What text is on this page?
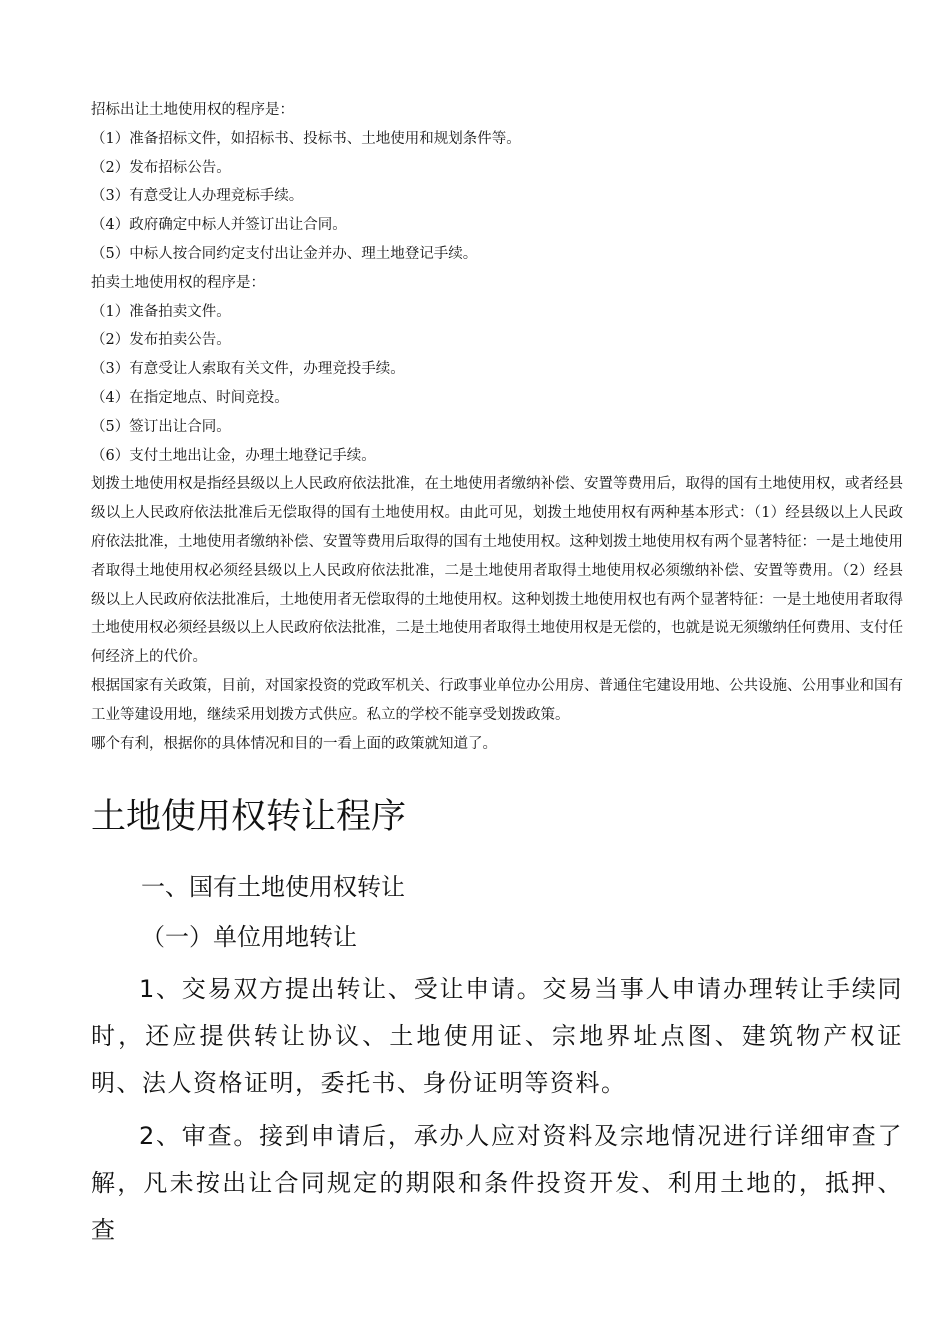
招标出让土地使用权的程序是：

（1）准备招标文件，如招标书、投标书、土地使用和规划条件等。

（2）发布招标公告。

（3）有意受让人办理竞标手续。

（4）政府确定中标人并签订出让合同。

（5）中标人按合同约定支付出让金并办、理土地登记手续。

拍卖土地使用权的程序是：

（1）准备拍卖文件。

（2）发布拍卖公告。

（3）有意受让人索取有关文件，办理竞投手续。

（4）在指定地点、时间竞投。

（5）签订出让合同。

（6）支付土地出让金，办理土地登记手续。

划拨土地使用权是指经县级以上人民政府依法批准，在土地使用者缴纳补偿、安置等费用后，取得的国有土地使用权，或者经县级以上人民政府依法批准后无偿取得的国有土地使用权。由此可见，划拨土地使用权有两种基本形式：（1）经县级以上人民政府依法批准，土地使用者缴纳补偿、安置等费用后取得的国有土地使用权。这种划拨土地使用权有两个显著特征：一是土地使用者取得土地使用权必须经县级以上人民政府依法批准，二是土地使用者取得土地使用权必须缴纳补偿、安置等费用。（2）经县级以上人民政府依法批准后，土地使用者无偿取得的土地使用权。这种划拨土地使用权也有两个显著特征：一是土地使用者取得土地使用权必须经县级以上人民政府依法批准，二是土地使用者取得土地使用权是无偿的，也就是说无须缴纳任何费用、支付任何经济上的代价。

根据国家有关政策，目前，对国家投资的党政军机关、行政事业单位办公用房、普通住宅建设用地、公共设施、公用事业和国有工业等建设用地，继续采用划拨方式供应。私立的学校不能享受划拨政策。

哪个有利，根据你的具体情况和目的一看上面的政策就知道了。

土地使用权转让程序

一、国有土地使用权转让

（一）单位用地转让

1、交易双方提出转让、受让申请。交易当事人申请办理转让手续同时，还应提供转让协议、土地使用证、宗地界址点图、建筑物产权证明、法人资格证明，委托书、身份证明等资料。

2、审查。接到申请后，承办人应对资料及宗地情况进行详细审查了解，凡未按出让合同规定的期限和条件投资开发、利用土地的，抵押、查
